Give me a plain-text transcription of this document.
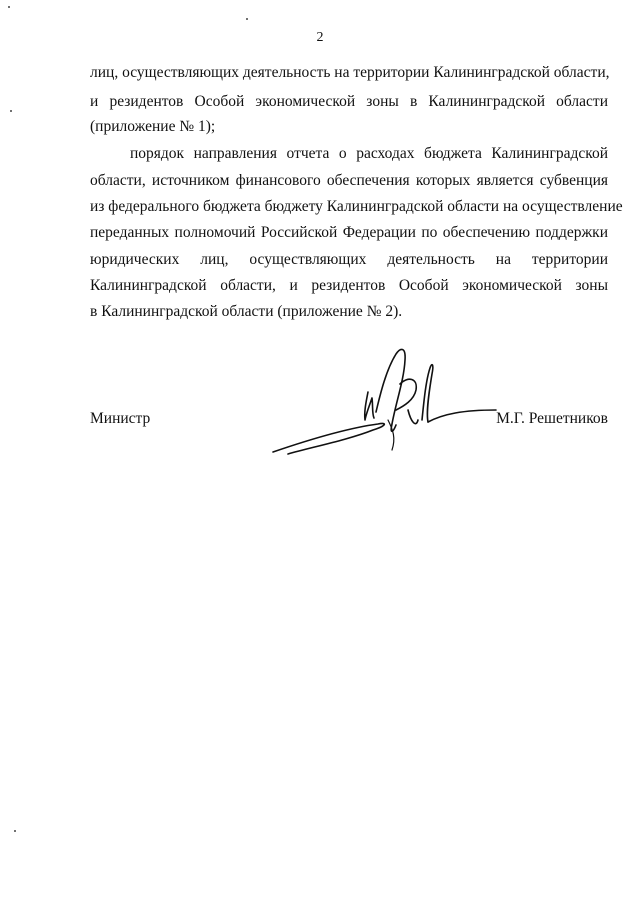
2
лиц, осуществляющих деятельность на территории Калининградской области,
и резидентов Особой экономической зоны в Калининградской области
(приложение № 1);
порядок направления отчета о расходах бюджета Калининградской
области, источником финансового обеспечения которых является субвенция
из федерального бюджета бюджету Калининградской области на осуществление
переданных полномочий Российской Федерации по обеспечению поддержки
юридических лиц, осуществляющих деятельность на территории
Калининградской области, и резидентов Особой экономической зоны
в Калининградской области (приложение № 2).
Министр	М.Г. Решетников
